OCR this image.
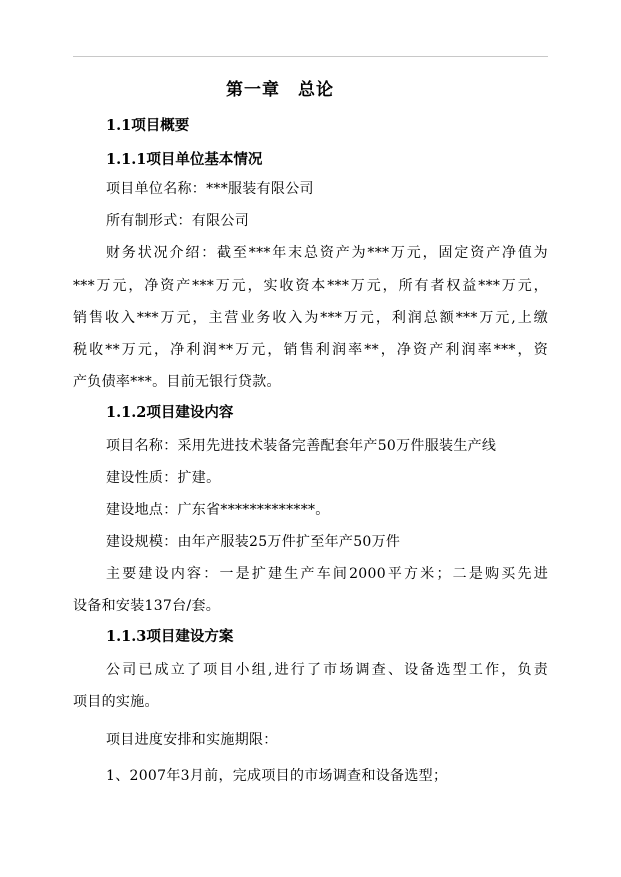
第一章　总论
1.1项目概要
1.1.1项目单位基本情况
项目单位名称：***服装有限公司
所有制形式：有限公司
财务状况介绍：截至***年末总资产为***万元，固定资产净值为
***万元，净资产***万元，实收资本***万元，所有者权益***万元，
销售收入***万元，主营业务收入为***万元，利润总额***万元,上缴
税收**万元，净利润**万元，销售利润率**，净资产利润率***，资
产负债率***。目前无银行贷款。
1.1.2项目建设内容
项目名称：采用先进技术装备完善配套年产50万件服装生产线
建设性质：扩建。
建设地点：广东省*************。
建设规模：由年产服装25万件扩至年产50万件
主要建设内容：一是扩建生产车间2000平方米；二是购买先进
设备和安装137台/套。
1.1.3项目建设方案
公司已成立了项目小组,进行了市场调查、设备选型工作，负责
项目的实施。
项目进度安排和实施期限：
1、2007年3月前，完成项目的市场调查和设备选型；
